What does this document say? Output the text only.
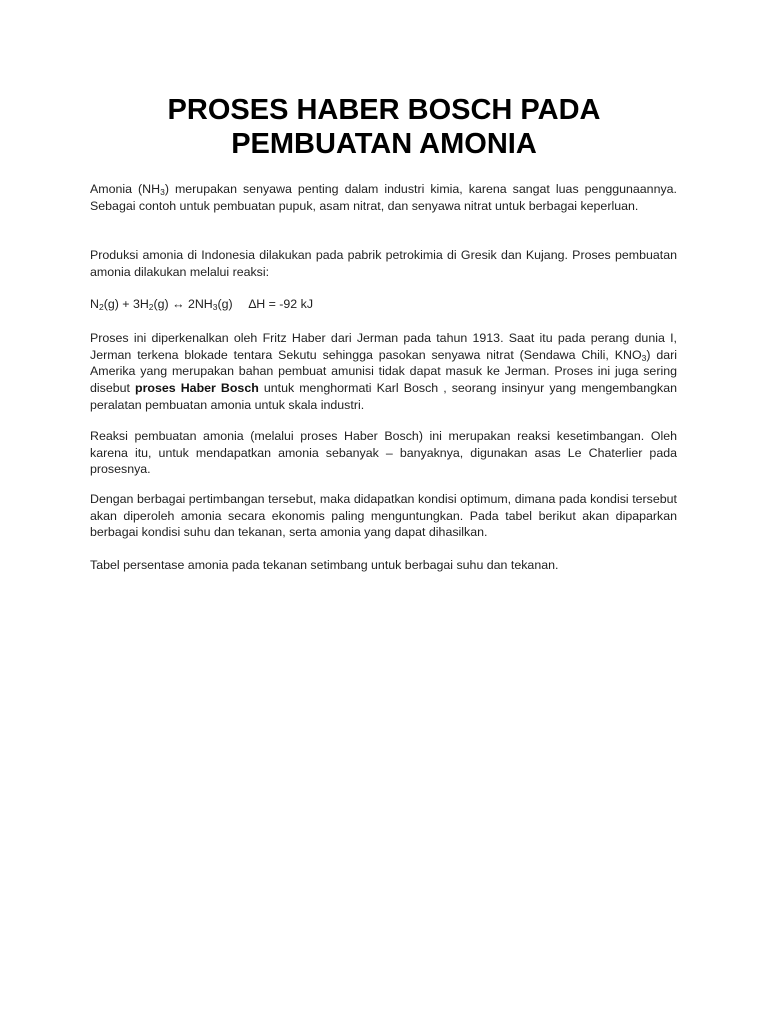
PROSES HABER BOSCH PADA
PEMBUATAN AMONIA

Amonia $(NH_3)$ merupakan senyawa penting dalam industri kimia, karena sangat luas penggunaannya. Sebagai contoh untuk pembuatan pupuk, asam nitrat, dan senyawa nitrat untuk berbagai keperluan.

Produksi amonia di Indonesia dilakukan pada pabrik petrokimia di Gresik dan Kujang. Proses pembuatan amonia dilakukan melalui reaksi:

$N_2(g) + 3H_2(g)$ ↔ $2NH_3(g) \Delta H = -92$ kJ

Proses ini diperkenalkan oleh Fritz Haber dari Jerman pada tahun 1913. Saat itu pada perang dunia I, Jerman terkena blokade tentara Sekutu sehingga pasokan senyawa nitrat (Sendawa Chili, $KNO_3$) dari Amerika yang merupakan bahan pembuat amunisi tidak dapat masuk ke Jerman. Proses ini juga sering disebut proses Haber Bosch untuk menghormati Karl Bosch , seorang insinyur yang mengembangkan peralatan pembuatan amonia untuk skala industri.

Reaksi pembuatan amonia (melalui proses Haber Bosch) ini merupakan reaksi kesetimbangan. Oleh karena itu, untuk mendapatkan amonia sebanyak – banyaknya, digunakan asas Le Chaterlier pada prosesnya.

Dengan berbagai pertimbangan tersebut, maka didapatkan kondisi optimum, dimana pada kondisi tersebut akan diperoleh amonia secara ekonomis paling menguntungkan. Pada tabel berikut akan dipaparkan berbagai kondisi suhu dan tekanan, serta amonia yang dapat dihasilkan.

Tabel persentase amonia pada tekanan setimbang untuk berbagai suhu dan tekanan.
